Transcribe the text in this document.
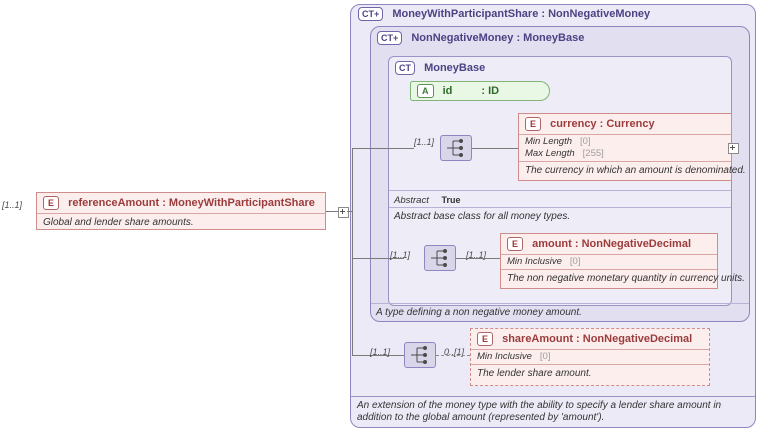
CT+ MoneyWithParticipantShare : NonNegativeMoney
CT+ NonNegativeMoney : MoneyBase
CT MoneyBase
E referenceAmount : MoneyWithParticipantShare
Global and lender share amounts.
[1..1]
A id	: ID
[1..1]
E currency : Currency
Min Length [0]
Max Length [255]
The currency in which an amount is denominated.
Abstract True
Abstract base class for all money types.
[1..1]	[1..1]
E amount : NonNegativeDecimal
Min Inclusive [0]
The non negative monetary quantity in currency units.
A type defining a non negative money amount.
[1..1]	0..[1]
E shareAmount : NonNegativeDecimal
Min Inclusive [0]
The lender share amount.
An extension of the money type with the ability to specify a lender share amount in addition to the global amount (represented by 'amount').
